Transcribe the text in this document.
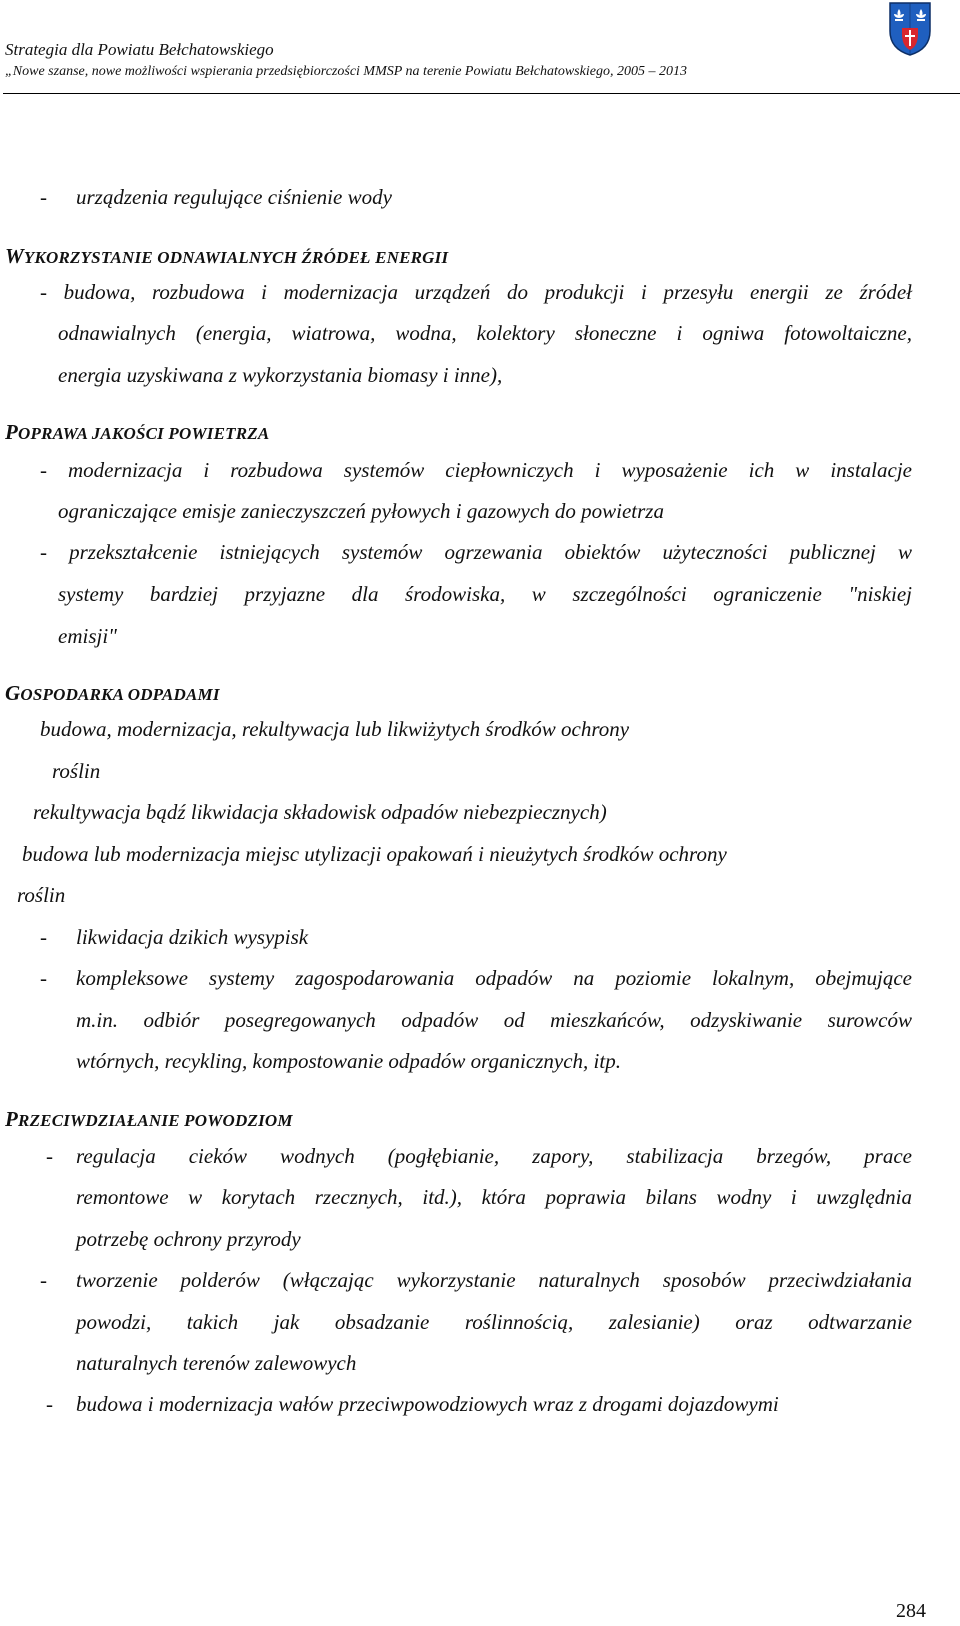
Strategia dla Powiatu Bełchatowskiego
„Nowe szanse, nowe możliwości wspierania przedsiębiorczości MMSP na terenie Powiatu Bełchatowskiego, 2005 – 2013
- urządzenia regulujące ciśnienie wody
WYKORZYSTANIE ODNAWIALNYCH ŹRÓDEŁ ENERGII
- budowa, rozbudowa i modernizacja urządzeń do produkcji i przesyłu energii ze źródeł
odnawialnych (energia, wiatrowa, wodna, kolektory słoneczne i ogniwa fotowoltaiczne,
energia uzyskiwana z wykorzystania biomasy i inne),
POPRAWA JAKOŚCI POWIETRZA
- modernizacja i rozbudowa systemów ciepłowniczych i wyposażenie ich w instalacje
ograniczające emisje zanieczyszczeń pyłowych i gazowych do powietrza
- przekształcenie istniejących systemów ogrzewania obiektów użyteczności publicznej w
systemy bardziej przyjazne dla środowiska, w szczególności ograniczenie "niskiej
emisji"
GOSPODARKA ODPADAMI
budowa, modernizacja, rekultywacja lub likwiżytych środków ochrony
roślin
rekultywacja bądź likwidacja składowisk odpadów niebezpiecznych)
budowa lub modernizacja miejsc utylizacji opakowań i nieużytych środków ochrony
roślin
- likwidacja dzikich wysypisk
- kompleksowe systemy zagospodarowania odpadów na poziomie lokalnym, obejmujące
m.in. odbiór posegregowanych odpadów od mieszkańców, odzyskiwanie surowców
wtórnych, recykling, kompostowanie odpadów organicznych, itp.
PRZECIWDZIAŁANIE POWODZIOM
- regulacja cieków wodnych (pogłębianie, zapory, stabilizacja brzegów, prace
remontowe w korytach rzecznych, itd.), która poprawia bilans wodny i uwzględnia
potrzebę ochrony przyrody
- tworzenie polderów (włączając wykorzystanie naturalnych sposobów przeciwdziałania
powodzi, takich jak obsadzanie roślinnością, zalesianie) oraz odtwarzanie
naturalnych terenów zalewowych
- budowa i modernizacja wałów przeciwpowodziowych wraz z drogami dojazdowymi
284
